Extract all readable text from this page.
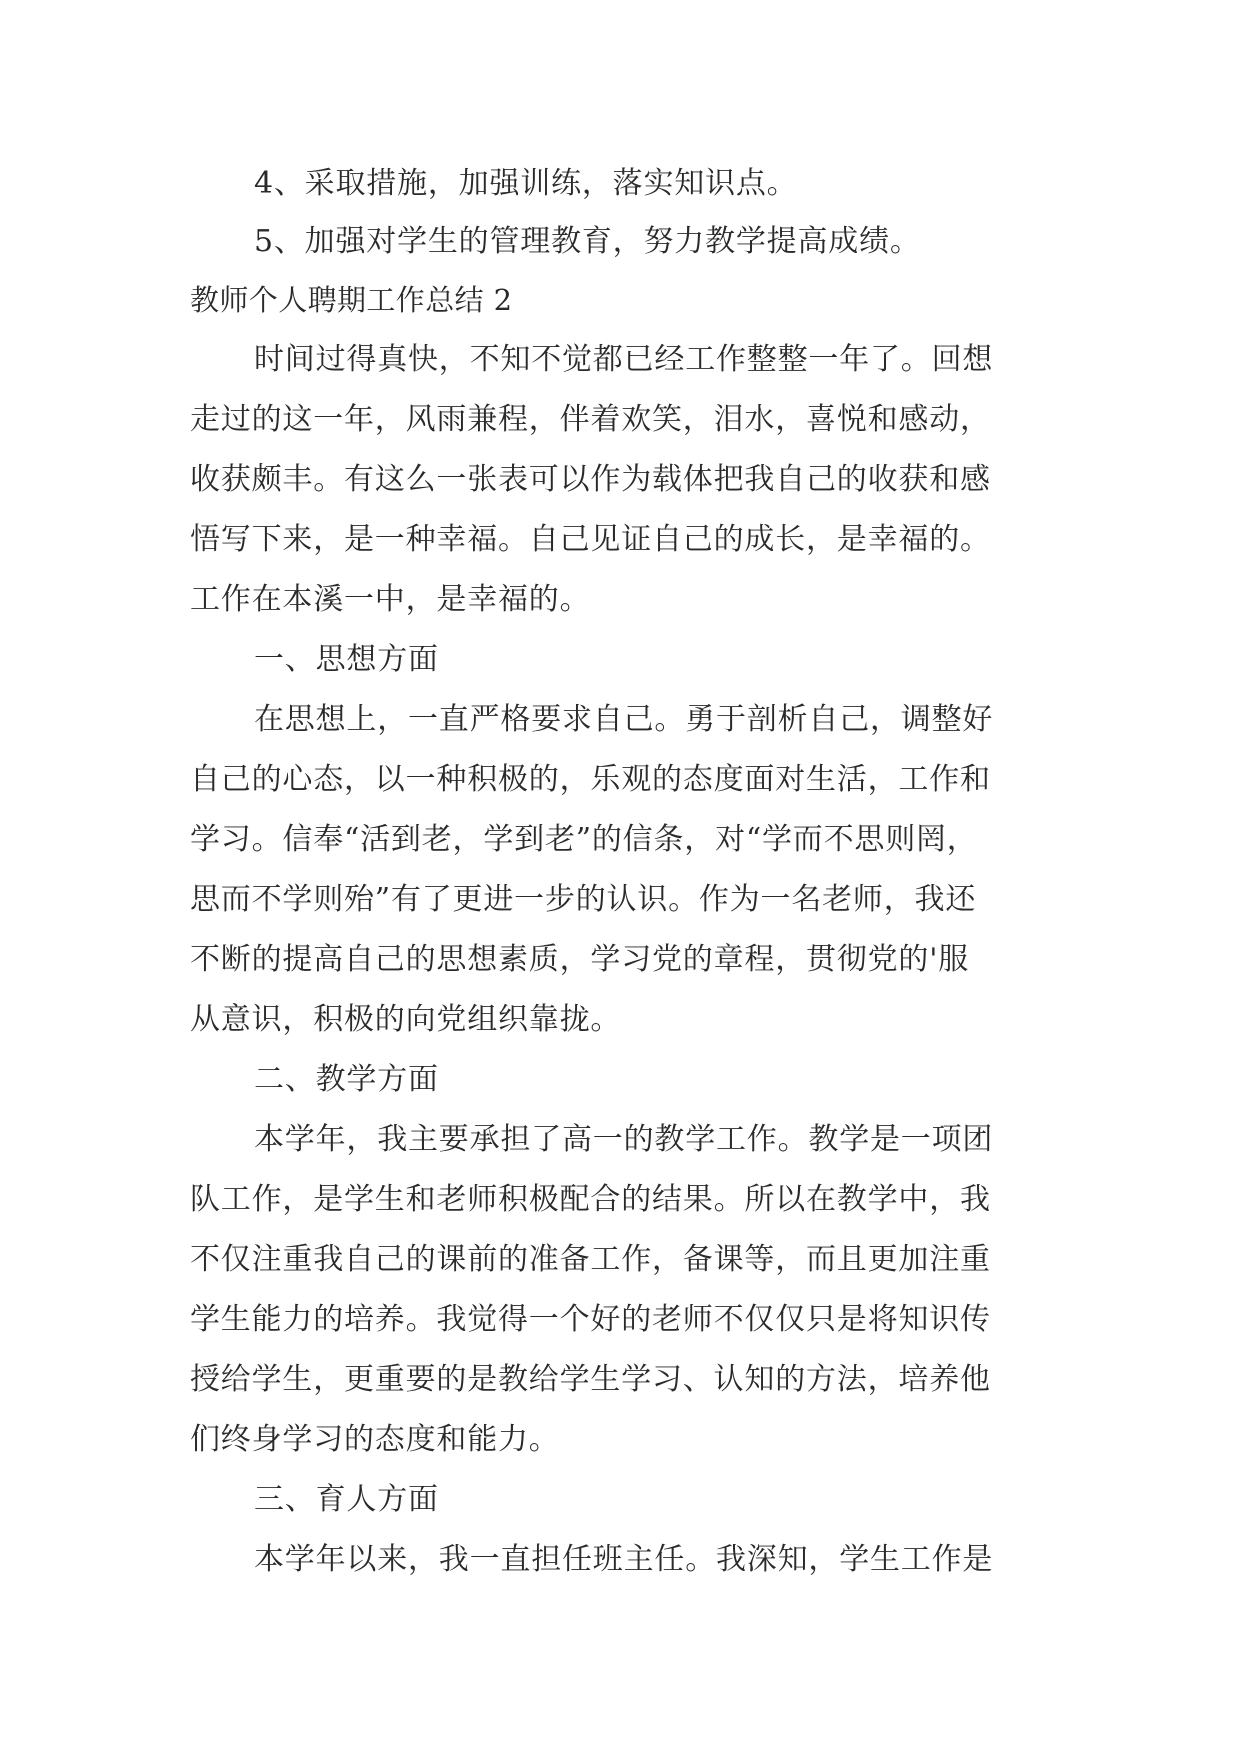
4、采取措施，加强训练，落实知识点。
5、加强对学生的管理教育，努力教学提高成绩。
教师个人聘期工作总结 2
时间过得真快，不知不觉都已经工作整整一年了。回想
走过的这一年，风雨兼程，伴着欢笑，泪水，喜悦和感动，
收获颇丰。有这么一张表可以作为载体把我自己的收获和感
悟写下来，是一种幸福。自己见证自己的成长，是幸福的。
工作在本溪一中，是幸福的。
一、思想方面
在思想上，一直严格要求自己。勇于剖析自己，调整好
自己的心态，以一种积极的，乐观的态度面对生活，工作和
学习。信奉“活到老，学到老”的信条，对“学而不思则罔，
思而不学则殆”有了更进一步的认识。作为一名老师，我还
不断的提高自己的思想素质，学习党的章程，贯彻党的'服
从意识，积极的向党组织靠拢。
二、教学方面
本学年，我主要承担了高一的教学工作。教学是一项团
队工作，是学生和老师积极配合的结果。所以在教学中，我
不仅注重我自己的课前的准备工作，备课等，而且更加注重
学生能力的培养。我觉得一个好的老师不仅仅只是将知识传
授给学生，更重要的是教给学生学习、认知的方法，培养他
们终身学习的态度和能力。
三、育人方面
本学年以来，我一直担任班主任。我深知，学生工作是
